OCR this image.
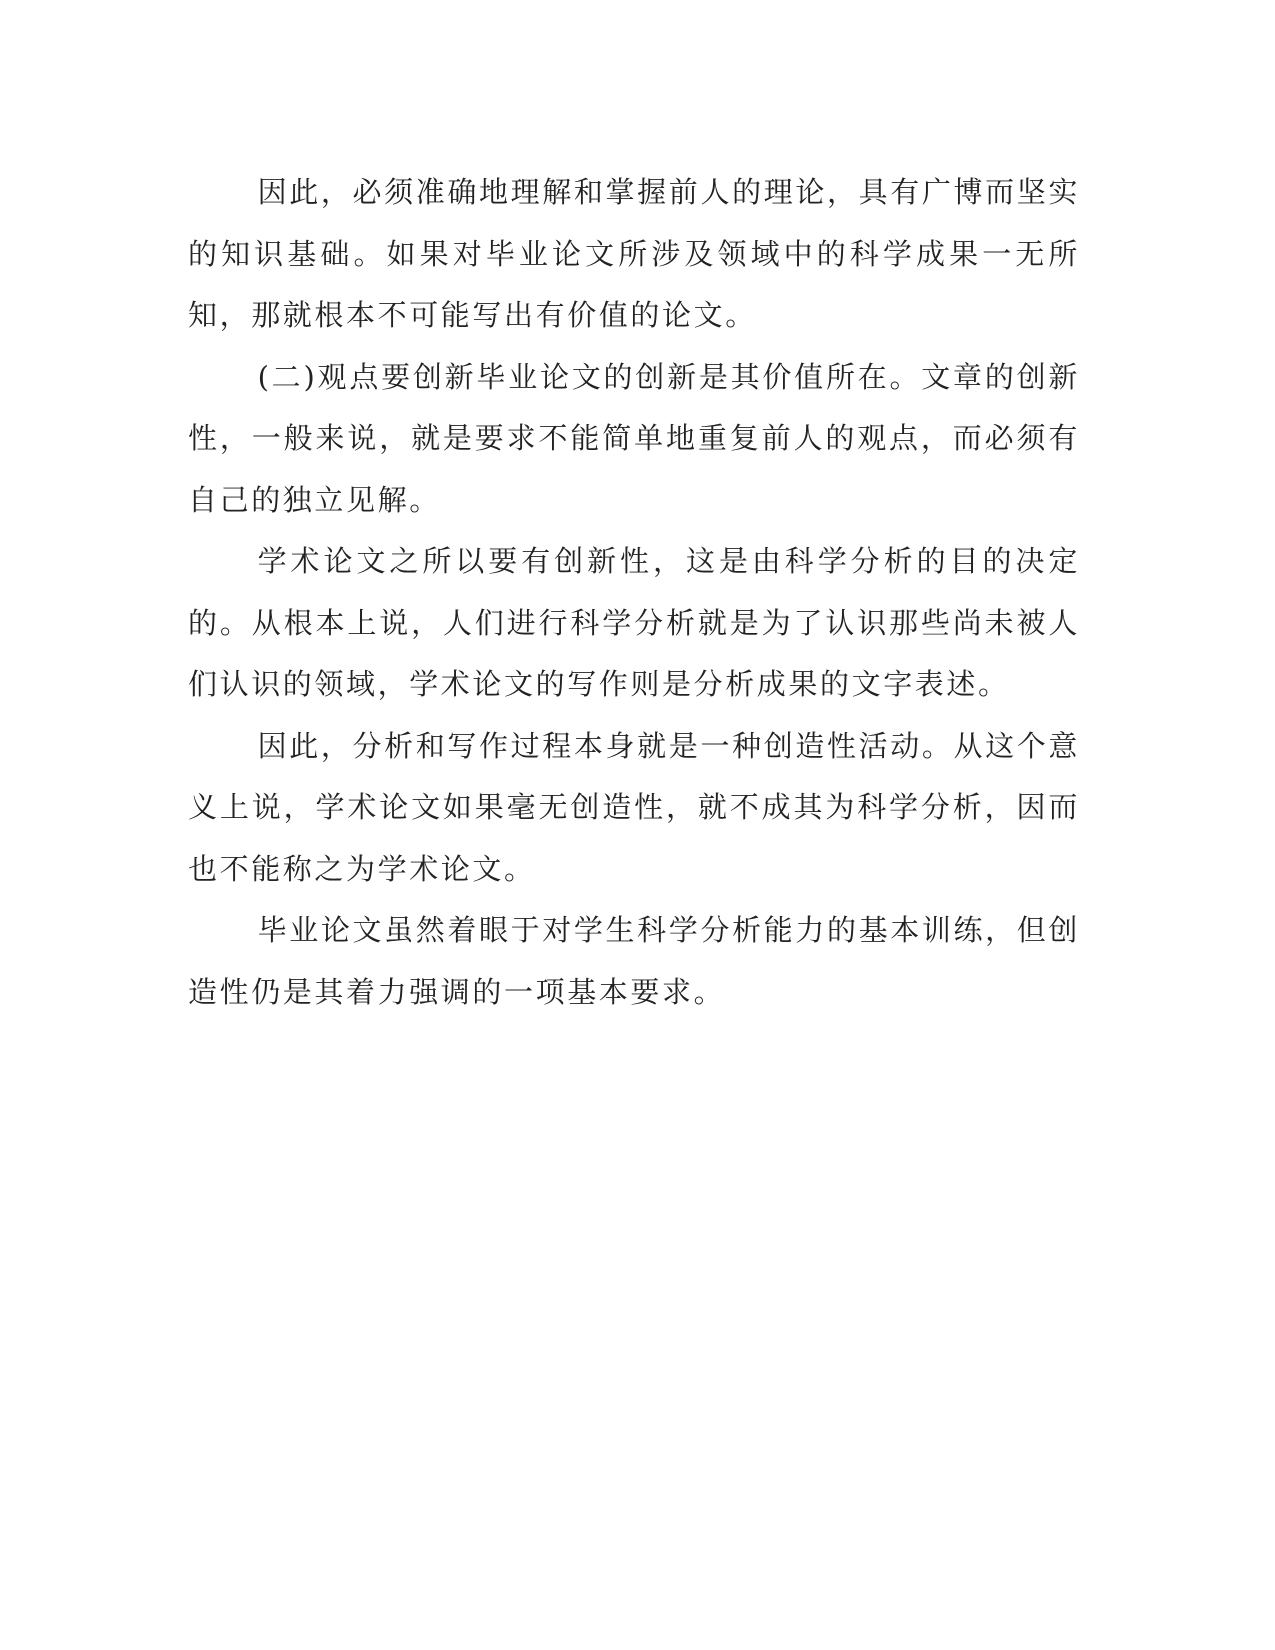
因此，必须准确地理解和掌握前人的理论，具有广博而坚实的知识基础。如果对毕业论文所涉及领域中的科学成果一无所知，那就根本不可能写出有价值的论文。

(二)观点要创新毕业论文的创新是其价值所在。文章的创新性，一般来说，就是要求不能简单地重复前人的观点，而必须有自己的独立见解。

学术论文之所以要有创新性，这是由科学分析的目的决定的。从根本上说，人们进行科学分析就是为了认识那些尚未被人们认识的领域，学术论文的写作则是分析成果的文字表述。

因此，分析和写作过程本身就是一种创造性活动。从这个意义上说，学术论文如果毫无创造性，就不成其为科学分析，因而也不能称之为学术论文。

毕业论文虽然着眼于对学生科学分析能力的基本训练，但创造性仍是其着力强调的一项基本要求。
